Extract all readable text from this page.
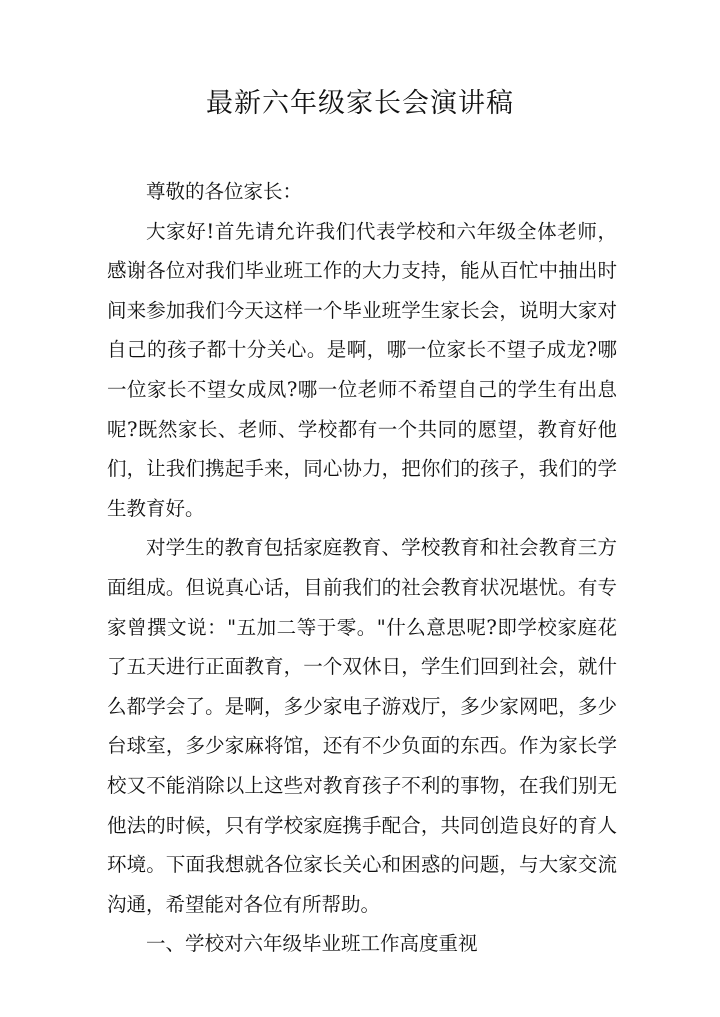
最新六年级家长会演讲稿

尊敬的各位家长：

大家好!首先请允许我们代表学校和六年级全体老师，感谢各位对我们毕业班工作的大力支持，能从百忙中抽出时间来参加我们今天这样一个毕业班学生家长会，说明大家对自己的孩子都十分关心。是啊，哪一位家长不望子成龙?哪一位家长不望女成凤?哪一位老师不希望自己的学生有出息呢?既然家长、老师、学校都有一个共同的愿望，教育好他们，让我们携起手来，同心协力，把你们的孩子，我们的学生教育好。

对学生的教育包括家庭教育、学校教育和社会教育三方面组成。但说真心话，目前我们的社会教育状况堪忧。有专家曾撰文说："五加二等于零。"什么意思呢?即学校家庭花了五天进行正面教育，一个双休日，学生们回到社会，就什么都学会了。是啊，多少家电子游戏厅，多少家网吧，多少台球室，多少家麻将馆，还有不少负面的东西。作为家长学校又不能消除以上这些对教育孩子不利的事物，在我们别无他法的时候，只有学校家庭携手配合，共同创造良好的育人环境。下面我想就各位家长关心和困惑的问题，与大家交流沟通，希望能对各位有所帮助。

一、学校对六年级毕业班工作高度重视
